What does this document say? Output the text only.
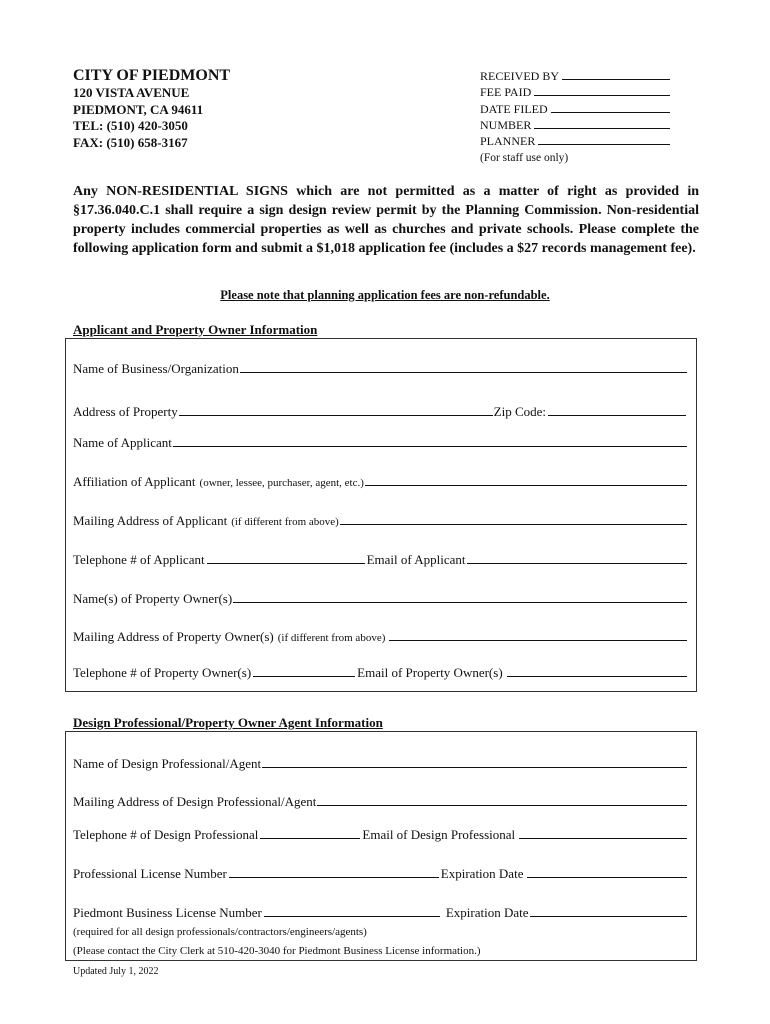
CITY OF PIEDMONT
120 VISTA AVENUE
PIEDMONT, CA 94611
TEL: (510) 420-3050
FAX: (510) 658-3167
RECEIVED BY
FEE PAID
DATE FILED
NUMBER
PLANNER
(For staff use only)
Any NON-RESIDENTIAL SIGNS which are not permitted as a matter of right as provided in §17.36.040.C.1 shall require a sign design review permit by the Planning Commission. Non-residential property includes commercial properties as well as churches and private schools. Please complete the following application form and submit a $1,018 application fee (includes a $27 records management fee).
Please note that planning application fees are non-refundable.
Applicant and Property Owner Information
Name of Business/Organization
Address of Property	Zip Code:
Name of Applicant
Affiliation of Applicant (owner, lessee, purchaser, agent, etc.)
Mailing Address of Applicant (if different from above)
Telephone # of Applicant	Email of Applicant
Name(s) of Property Owner(s)
Mailing Address of Property Owner(s) (if different from above)
Telephone # of Property Owner(s)	Email of Property Owner(s)
Design Professional/Property Owner Agent Information
Name of Design Professional/Agent
Mailing Address of Design Professional/Agent
Telephone # of Design Professional	Email of Design Professional
Professional License Number	Expiration Date
Piedmont Business License Number	Expiration Date
(required for all design professionals/contractors/engineers/agents)
(Please contact the City Clerk at 510-420-3040 for Piedmont Business License information.)
Updated July 1, 2022
